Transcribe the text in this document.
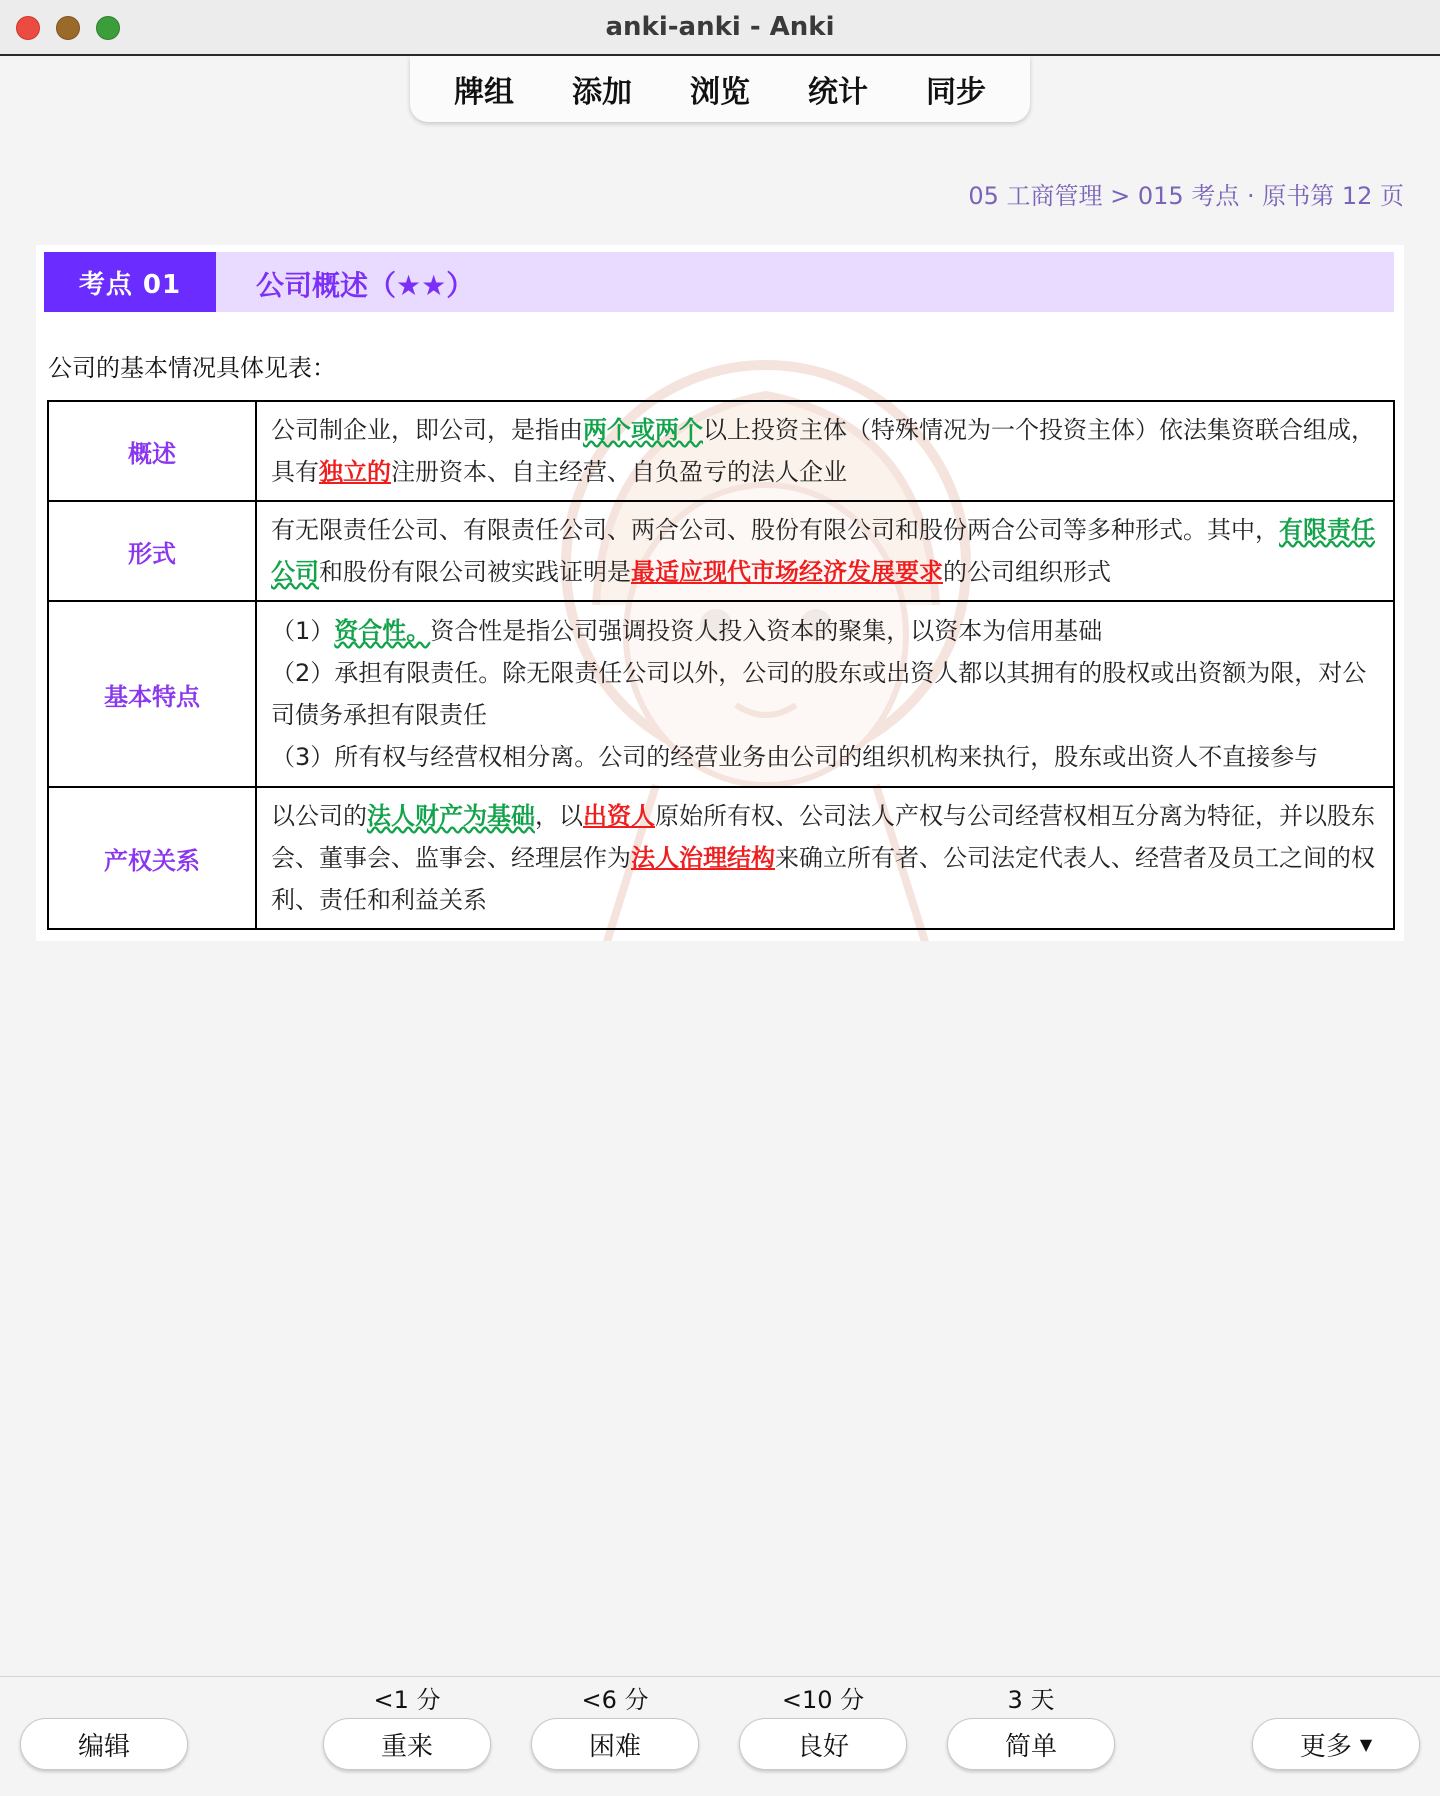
anki-anki - Anki
牌组	添加	浏览	统计	同步
05 工商管理 > 015 考点 · 原书第 12 页
考点 01	公司概述（★★）
公司的基本情况具体见表：
概述	公司制企业，即公司，是指由两个或两个以上投资主体（特殊情况为一个投资主体）依法集资联合组成，具有独立的注册资本、自主经营、自负盈亏的法人企业
形式	有无限责任公司、有限责任公司、两合公司、股份有限公司和股份两合公司等多种形式。其中，有限责任公司和股份有限公司被实践证明是最适应现代市场经济发展要求的公司组织形式
基本特点	（1）资合性。资合性是指公司强调投资人投入资本的聚集，以资本为信用基础
（2）承担有限责任。除无限责任公司以外，公司的股东或出资人都以其拥有的股权或出资额为限，对公司债务承担有限责任
（3）所有权与经营权相分离。公司的经营业务由公司的组织机构来执行，股东或出资人不直接参与
产权关系	以公司的法人财产为基础，以出资人原始所有权、公司法人产权与公司经营权相互分离为特征，并以股东会、董事会、监事会、经理层作为法人治理结构来确立所有者、公司法定代表人、经营者及员工之间的权利、责任和利益关系
<1 分	<6 分	<10 分	3 天
编辑	重来	困难	良好	简单	更多 ▼
